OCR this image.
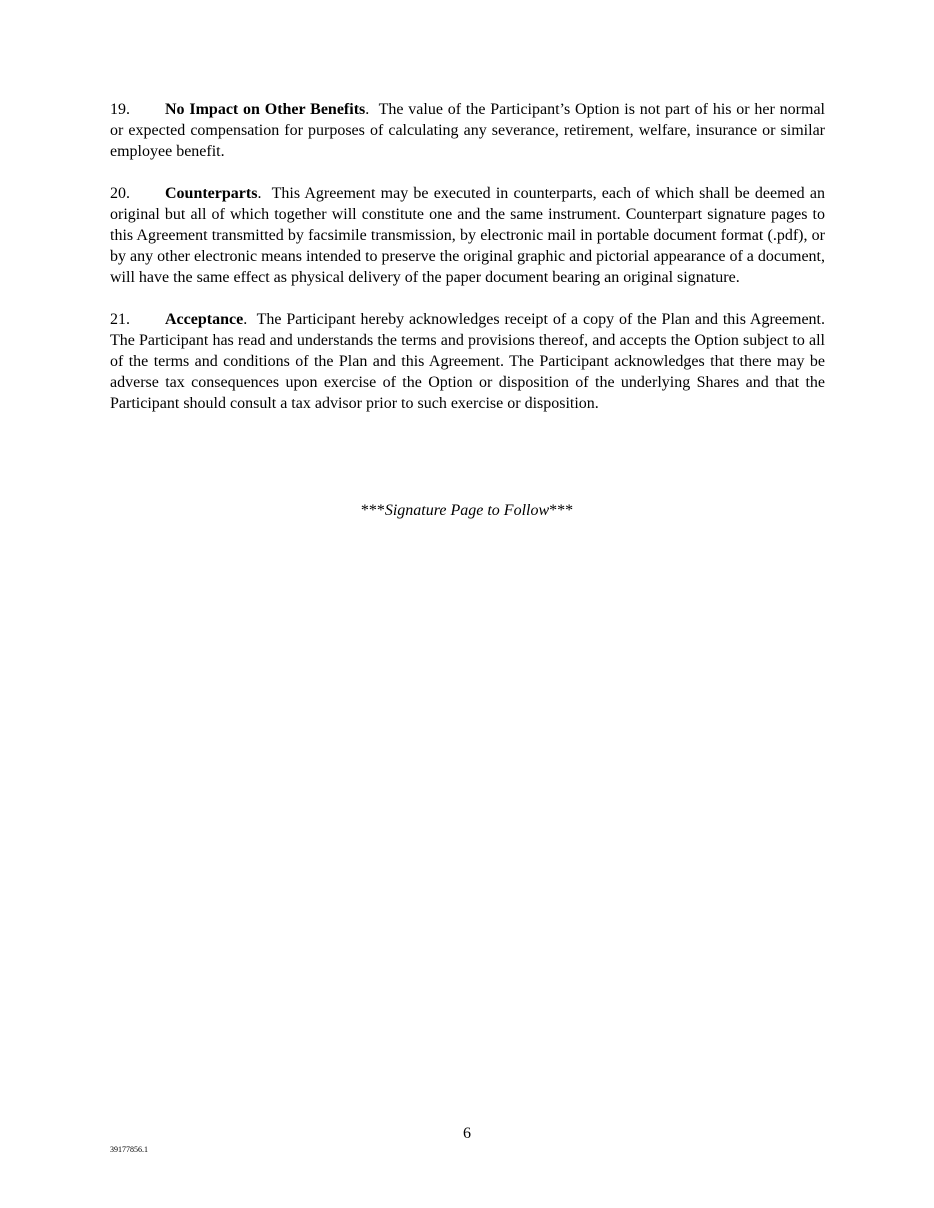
19. No Impact on Other Benefits. The value of the Participant’s Option is not part of his or her normal or expected compensation for purposes of calculating any severance, retirement, welfare, insurance or similar employee benefit.

20. Counterparts. This Agreement may be executed in counterparts, each of which shall be deemed an original but all of which together will constitute one and the same instrument. Counterpart signature pages to this Agreement transmitted by facsimile transmission, by electronic mail in portable document format (.pdf), or by any other electronic means intended to preserve the original graphic and pictorial appearance of a document, will have the same effect as physical delivery of the paper document bearing an original signature.

21. Acceptance. The Participant hereby acknowledges receipt of a copy of the Plan and this Agreement. The Participant has read and understands the terms and provisions thereof, and accepts the Option subject to all of the terms and conditions of the Plan and this Agreement. The Participant acknowledges that there may be adverse tax consequences upon exercise of the Option or disposition of the underlying Shares and that the Participant should consult a tax advisor prior to such exercise or disposition.

***Signature Page to Follow***
6
39177856.1
